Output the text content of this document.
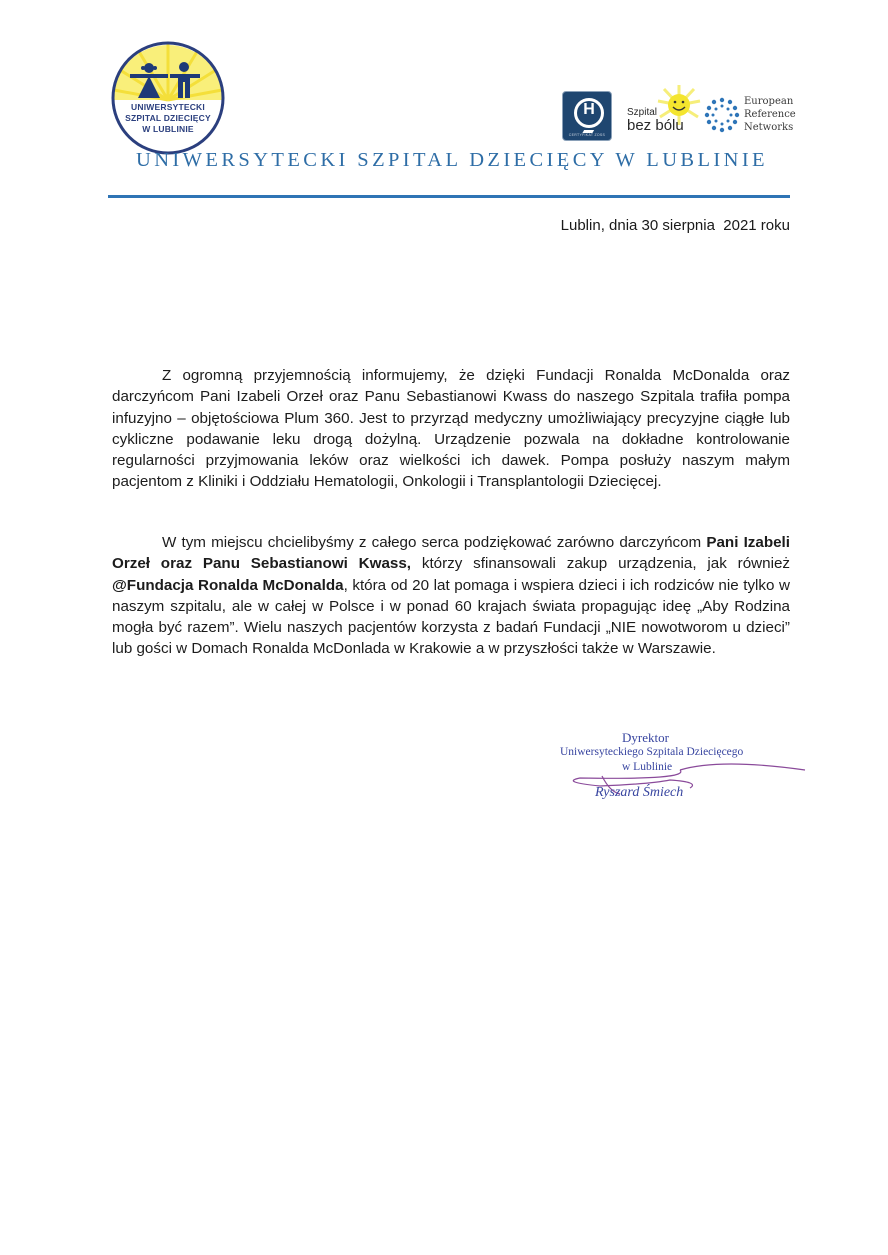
UNIWERSYTECKI
SZPITAL DZIECIĘCY
W LUBLINIE
H
CERTYFIKAT ZOSS
Szpital
bez bólu
European
Reference
Networks
UNIWERSYTECKI SZPITAL DZIECIĘCY W LUBLINIE
Lublin, dnia 30 sierpnia  2021 roku
Z ogromną przyjemnością informujemy, że dzięki Fundacji Ronalda McDonalda oraz darczyńcom Pani Izabeli Orzeł oraz Panu Sebastianowi Kwass do naszego Szpitala trafiła pompa infuzyjno – objętościowa Plum 360. Jest to przyrząd medyczny umożliwiający precyzyjne ciągłe lub cykliczne podawanie leku drogą dożylną. Urządzenie pozwala na dokładne kontrolowanie regularności przyjmowania leków oraz wielkości ich dawek. Pompa posłuży naszym małym pacjentom z Kliniki i Oddziału Hematologii, Onkologii i Transplantologii Dziecięcej.
W tym miejscu chcielibyśmy z całego serca podziękować zarówno darczyńcom Pani Izabeli Orzeł oraz Panu Sebastianowi Kwass, którzy sfinansowali zakup urządzenia, jak również @Fundacja Ronalda McDonalda, która od 20 lat pomaga i wspiera dzieci i ich rodziców nie tylko w naszym szpitalu, ale w całej w Polsce i w ponad 60 krajach świata propagując ideę „Aby Rodzina mogła być razem”. Wielu naszych pacjentów korzysta z badań Fundacji „NIE nowotworom u dzieci” lub gości w Domach Ronalda McDonlada w Krakowie a w przyszłości także w Warszawie.
Dyrektor
Uniwersyteckiego Szpitala Dziecięcego
w Lublinie
Ryszard Śmiech
